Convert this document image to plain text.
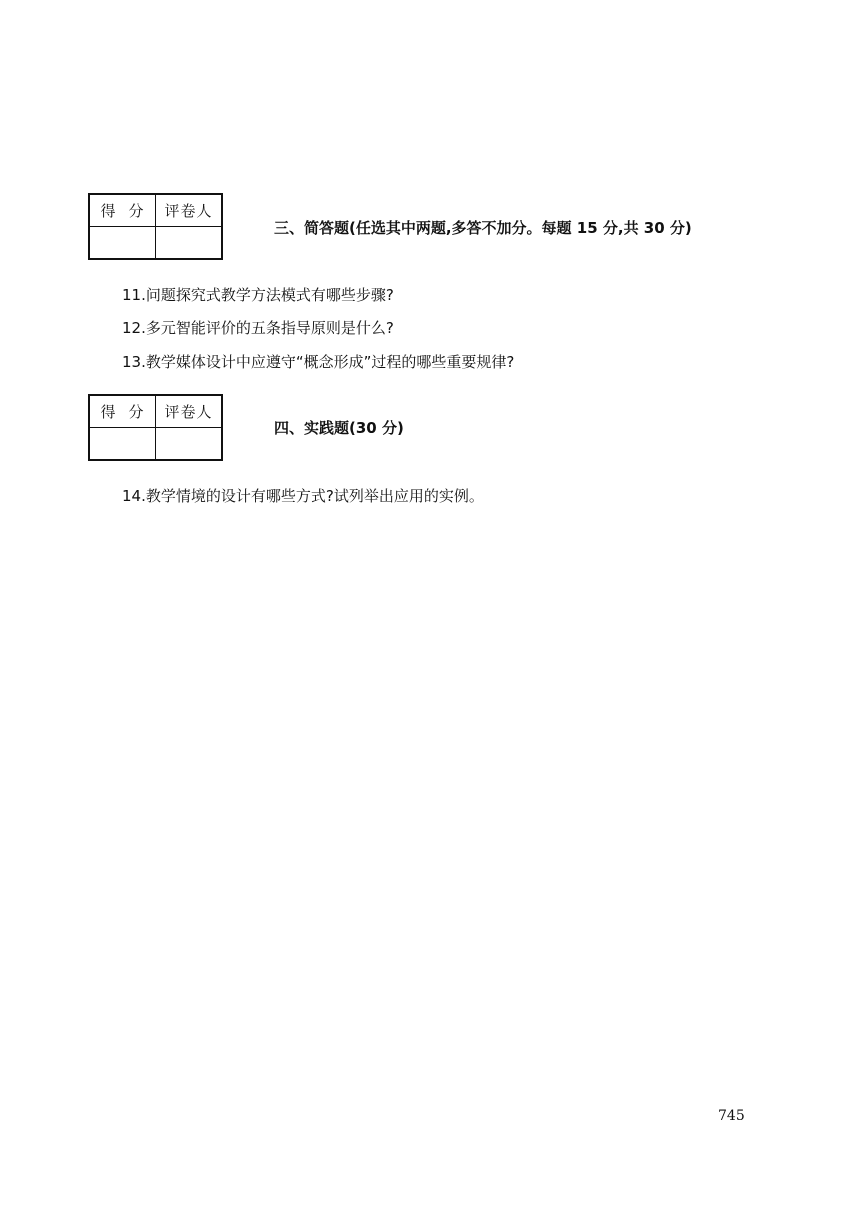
得 分	评卷人

三、简答题(任选其中两题,多答不加分。每题 15 分,共 30 分)
11.问题探究式教学方法模式有哪些步骤?
12.多元智能评价的五条指导原则是什么?
13.教学媒体设计中应遵守“概念形成”过程的哪些重要规律?
得 分	评卷人

四、实践题(30 分)
14.教学情境的设计有哪些方式?试列举出应用的实例。
745
